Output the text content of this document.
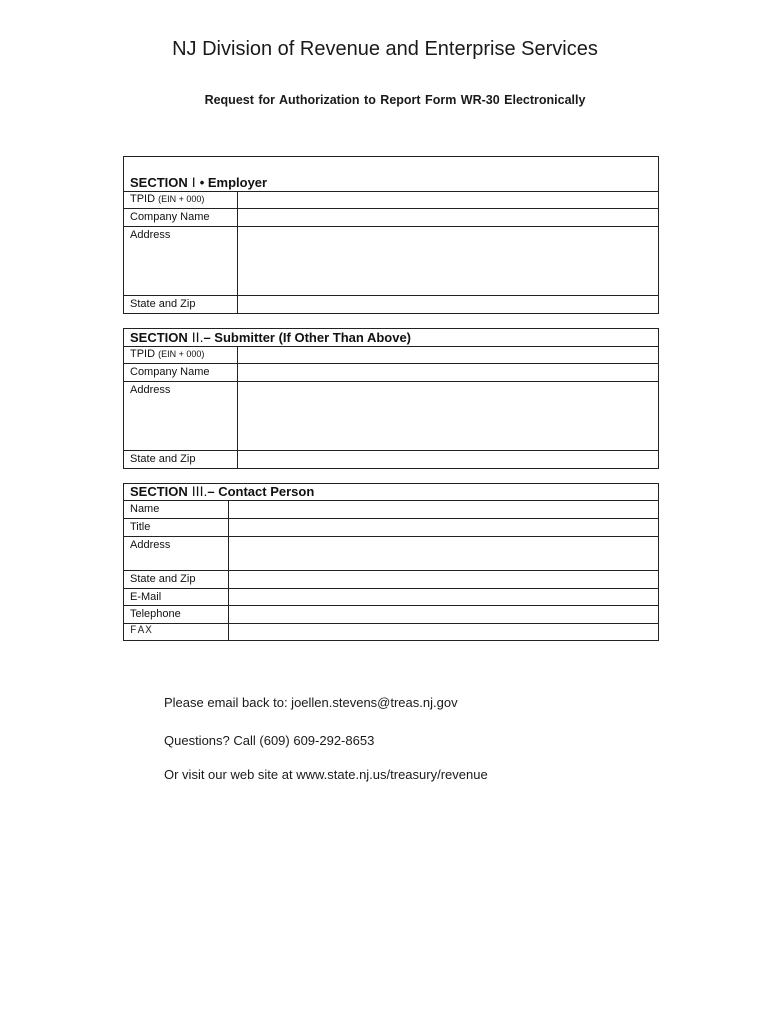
NJ Division of Revenue and Enterprise Services
Request for Authorization to Report Form WR-30 Electronically
SECTION I • Employer
TPID (EIN + 000)
Company Name
Address
State and Zip
SECTION II. – Submitter (If Other Than Above)
TPID (EIN + 000)
Company Name
Address
State and Zip
SECTION III. – Contact Person
Name
Title
Address
State and Zip
E-Mail
Telephone
FAX
Please email back to: joellen.stevens@treas.nj.gov
Questions? Call (609) 609-292-8653
Or visit our web site at www.state.nj.us/treasury/revenue
